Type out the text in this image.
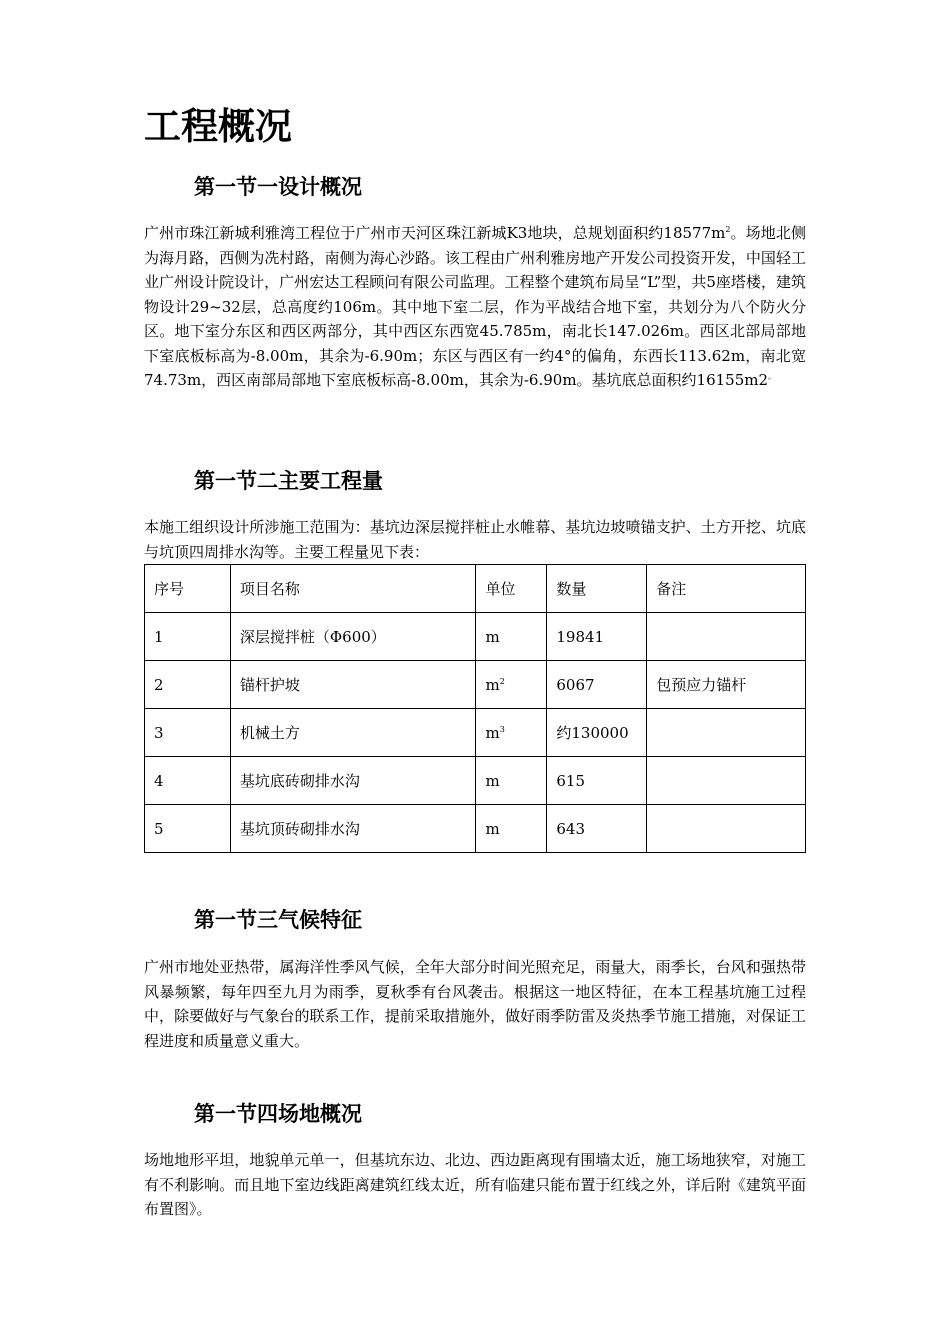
工程概况
第一节一设计概况

广州市珠江新城利雅湾工程位于广州市天河区珠江新城K3地块，总规划面积约$18577m^2$。场地北侧为海月路，西侧为冼村路，南侧为海心沙路。该工程由广州利雅房地产开发公司投资开发，中国轻工业广州设计院设计，广州宏达工程顾问有限公司监理。工程整个建筑布局呈“L”型，共5座塔楼，建筑物设计29~32层，总高度约106m。其中地下室二层，作为平战结合地下室，共划分为八个防火分区。地下室分东区和西区两部分，其中西区东西宽45.785m，南北长147.026m。西区北部局部地下室底板标高为-8.00m，其余为-6.90m；东区与西区有一约4°的偏角，东西长113.62m，南北宽74.73m，西区南部局部地下室底板标高-8.00m，其余为-6.90m。基坑底总面积约16155m2。

第一节二主要工程量

本施工组织设计所涉施工范围为：基坑边深层搅拌桩止水帷幕、基坑边坡喷锚支护、土方开挖、坑底与坑顶四周排水沟等。主要工程量见下表：

序号	项目名称	单位	数量	备注
1	深层搅拌桩（Φ600）	m	19841	
2	锚杆护坡	$m^2$	6067	包预应力锚杆
3	机械土方	$m^3$	约130000	
4	基坑底砖砌排水沟	m	615	
5	基坑顶砖砌排水沟	m	643	
第一节三气候特征

广州市地处亚热带，属海洋性季风气候，全年大部分时间光照充足，雨量大，雨季长，台风和强热带风暴频繁，每年四至九月为雨季，夏秋季有台风袭击。根据这一地区特征，在本工程基坑施工过程中，除要做好与气象台的联系工作，提前采取措施外，做好雨季防雷及炎热季节施工措施，对保证工程进度和质量意义重大。

第一节四场地概况

场地地形平坦，地貌单元单一，但基坑东边、北边、西边距离现有围墙太近，施工场地狭窄，对施工有不利影响。而且地下室边线距离建筑红线太近，所有临建只能布置于红线之外，详后附《建筑平面布置图》。
